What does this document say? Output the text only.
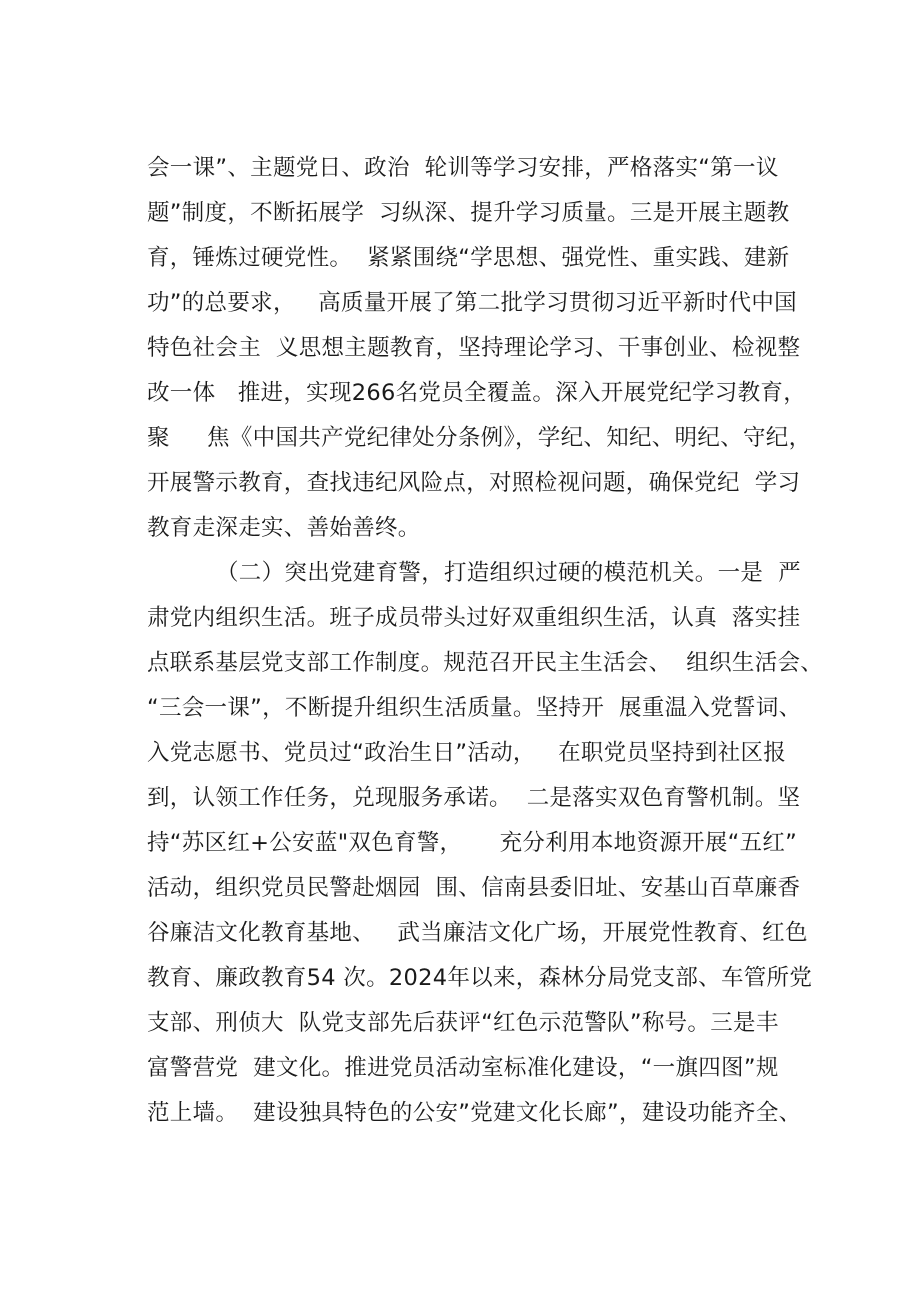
会一课”、主题党日、政治  轮训等学习安排，严格落实“第一议
题”制度，不断拓展学  习纵深、提升学习质量。三是开展主题教
育，锤炼过硬党性。  紧紧围绕“学思想、强党性、重实践、建新
功”的总要求，   高质量开展了第二批学习贯彻习近平新时代中国
特色社会主  义思想主题教育，坚持理论学习、干事创业、检视整
改一体   推进，实现266名党员全覆盖。深入开展党纪学习教育，
聚     焦《中国共产党纪律处分条例》，学纪、知纪、明纪、守纪，
开展警示教育，查找违纪风险点，对照检视问题，确保党纪  学习
教育走深走实、善始善终。
（二）突出党建育警，打造组织过硬的模范机关。一是  严
肃党内组织生活。班子成员带头过好双重组织生活，认真  落实挂
点联系基层党支部工作制度。规范召开民主生活会、  组织生活会、
“三会一课”，不断提升组织生活质量。坚持开  展重温入党誓词、
入党志愿书、党员过“政治生日”活动，   在职党员坚持到社区报
到，认领工作任务，兑现服务承诺。  二是落实双色育警机制。坚
持“苏区红+公安蓝"双色育警，     充分利用本地资源开展“五红”
活动，组织党员民警赴烟园  围、信南县委旧址、安基山百草廉香
谷廉洁文化教育基地、   武当廉洁文化广场，开展党性教育、红色
教育、廉政教育54 次。2024年以来，森林分局党支部、车管所党
支部、刑侦大  队党支部先后获评“红色示范警队”称号。三是丰
富警营党  建文化。推进党员活动室标准化建设，“一旗四图”规
范上墙。  建设独具特色的公安”党建文化长廊”，建设功能齐全、
